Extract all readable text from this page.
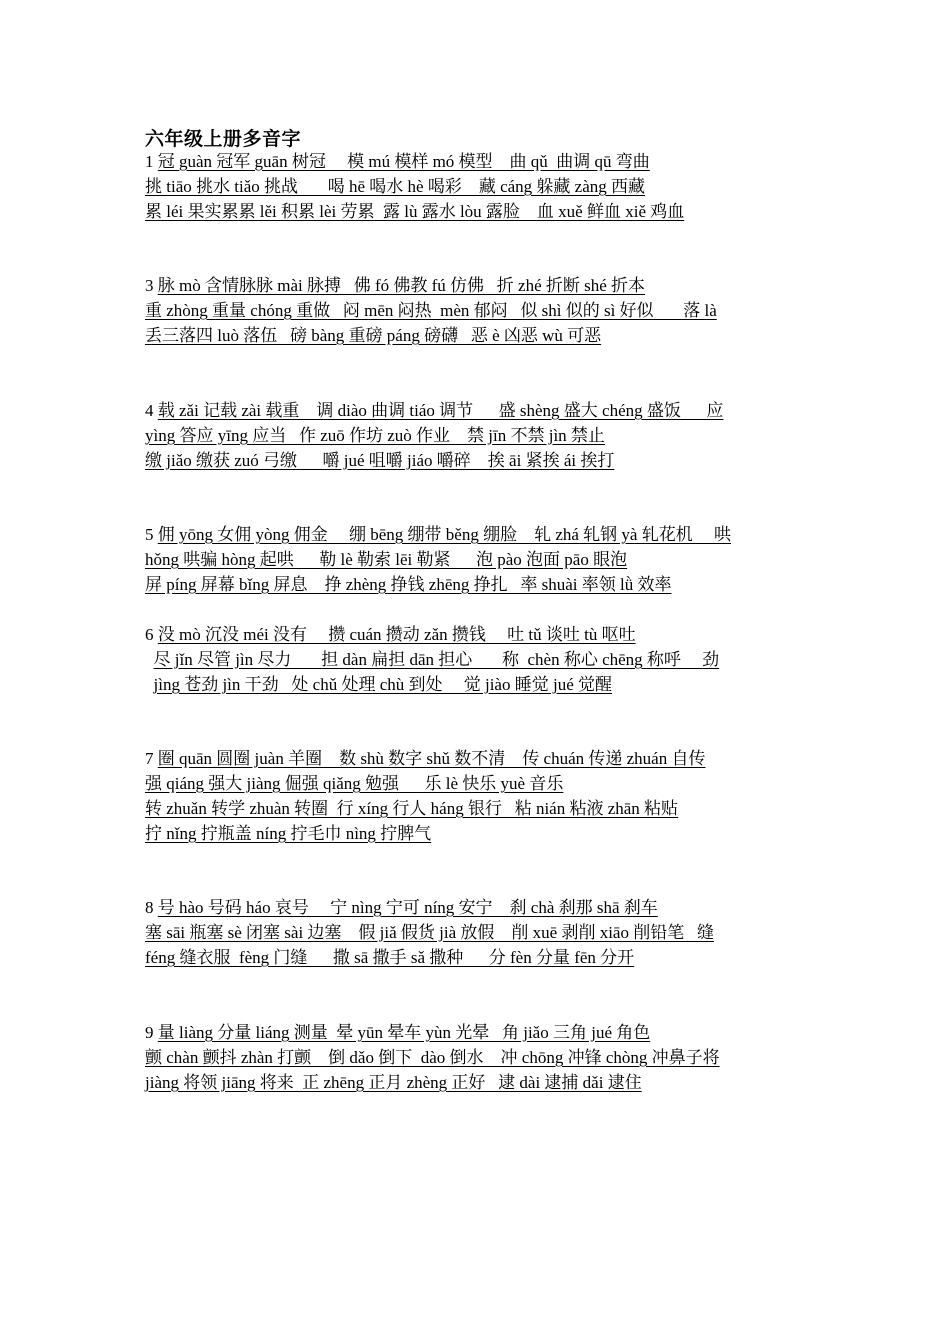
六年级上册多音字
1 冠 guàn 冠军 guān 树冠     模 mú 模样 mó 模型    曲 qǔ  曲调 qū 弯曲
挑 tiāo 挑水 tiǎo 挑战       喝 hē 喝水 hè 喝彩    藏 cáng 躲藏 zàng 西藏
累 léi 果实累累 lěi 积累 lèi 劳累  露 lù 露水 lòu 露脸    血 xuě 鲜血 xiě 鸡血
3 脉 mò 含情脉脉 mài 脉搏   佛 fó 佛教 fú 仿佛   折 zhé 折断 shé 折本
重 zhòng 重量 chóng 重做   闷 mēn 闷热  mèn 郁闷   似 shì 似的 sì 好似       落 là
丢三落四 luò 落伍   磅 bàng 重磅 páng 磅礴   恶 è 凶恶 wù 可恶
4 载 zǎi 记载 zài 载重    调 diào 曲调 tiáo 调节      盛 shèng 盛大 chéng 盛饭      应
yìng 答应 yīng 应当   作 zuō 作坊 zuò 作业    禁 jīn 不禁 jìn 禁止
缴 jiǎo 缴获 zuó 弓缴      嚼 jué 咀嚼 jiáo 嚼碎    挨 āi 紧挨 ái 挨打
5 佣 yōng 女佣 yòng 佣金     绷 bēng 绷带 běng 绷脸    轧 zhá 轧钢 yà 轧花机     哄
hǒng 哄骗 hòng 起哄      勒 lè 勒索 lēi 勒紧      泡 pào 泡面 pāo 眼泡
屏 píng 屏幕 bǐng 屏息    挣 zhèng 挣钱 zhēng 挣扎   率 shuài 率领 lǜ 效率
6 没 mò 沉没 méi 没有     攒 cuán 攒动 zǎn 攒钱     吐 tǔ 谈吐 tù 呕吐
尽 jǐn 尽管 jìn 尽力       担 dàn 扁担 dān 担心       称  chèn 称心 chēng 称呼     劲
jìng 苍劲 jìn 干劲   处 chǔ 处理 chù 到处     觉 jiào 睡觉 jué 觉醒
7 圈 quān 圆圈 juàn 羊圈    数 shù 数字 shǔ 数不清    传 chuán 传递 zhuán 自传
强 qiáng 强大 jiàng 倔强 qiǎng 勉强      乐 lè 快乐 yuè 音乐
转 zhuǎn 转学 zhuàn 转圈  行 xíng 行人 háng 银行   粘 nián 粘液 zhān 粘贴
拧 nǐng 拧瓶盖 níng 拧毛巾 nìng 拧脾气
8 号 hào 号码 háo 哀号     宁 nìng 宁可 níng 安宁    刹 chà 刹那 shā 刹车
塞 sāi 瓶塞 sè 闭塞 sài 边塞    假 jiǎ 假货 jià 放假    削 xuē 剥削 xiāo 削铅笔   缝
féng 缝衣服  fèng 门缝      撒 sā 撒手 sǎ 撒种      分 fèn 分量 fēn 分开
9 量 liàng 分量 liáng 测量  晕 yūn 晕车 yùn 光晕   角 jiǎo 三角 jué 角色
颤 chàn 颤抖 zhàn 打颤    倒 dǎo 倒下  dào 倒水    冲 chōng 冲锋 chòng 冲鼻子将
jiàng 将领 jiāng 将来  正 zhēng 正月 zhèng 正好   逮 dài 逮捕 dǎi 逮住
